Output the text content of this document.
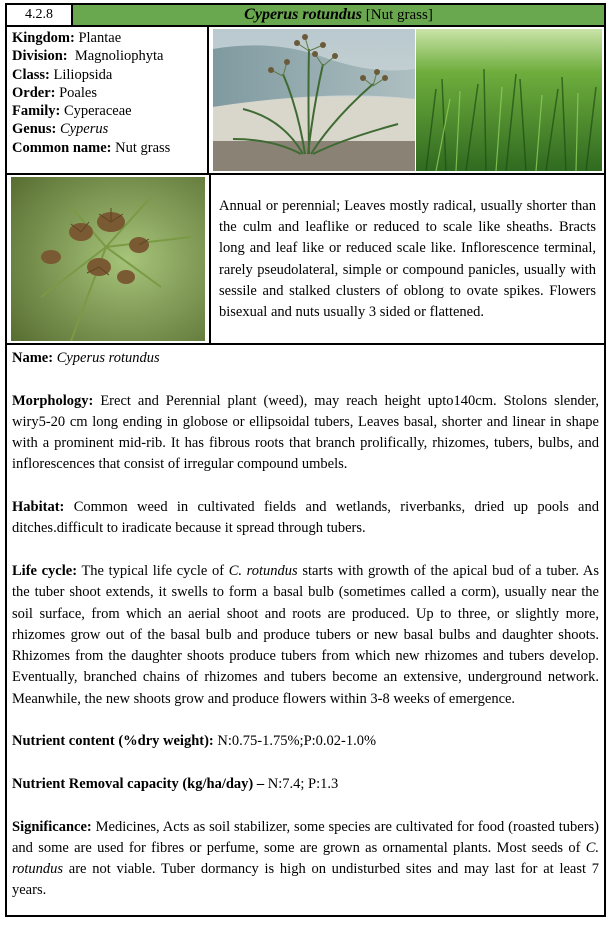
4.2.8	Cyperus rotundus [Nut grass]
Kingdom: Plantae
Division: Magnoliophyta
Class: Liliopsida
Order: Poales
Family: Cyperaceae
Genus: Cyperus
Common name: Nut grass
Annual or perennial; Leaves mostly radical, usually shorter than the culm and leaflike or reduced to scale like sheaths. Bracts long and leaf like or reduced scale like. Inflorescence terminal, rarely pseudolateral, simple or compound panicles, usually with sessile and stalked clusters of oblong to ovate spikes. Flowers bisexual and nuts usually 3 sided or flattened.

Name: Cyperus rotundus

Morphology: Erect and Perennial plant (weed), may reach height upto140cm. Stolons slender, wiry5-20 cm long ending in globose or ellipsoidal tubers, Leaves basal, shorter and linear in shape with a prominent mid-rib. It has fibrous roots that branch prolifically, rhizomes, tubers, bulbs, and inflorescences that consist of irregular compound umbels.

Habitat: Common weed in cultivated fields and wetlands, riverbanks, dried up pools and ditches.difficult to iradicate because it spread through tubers.

Life cycle: The typical life cycle of C. rotundus starts with growth of the apical bud of a tuber. As the tuber shoot extends, it swells to form a basal bulb (sometimes called a corm), usually near the soil surface, from which an aerial shoot and roots are produced. Up to three, or slightly more, rhizomes grow out of the basal bulb and produce tubers or new basal bulbs and daughter shoots. Rhizomes from the daughter shoots produce tubers from which new rhizomes and tubers develop. Eventually, branched chains of rhizomes and tubers become an extensive, underground network. Meanwhile, the new shoots grow and produce flowers within 3-8 weeks of emergence.

Nutrient content (%dry weight): N:0.75-1.75%;P:0.02-1.0%

Nutrient Removal capacity (kg/ha/day) – N:7.4; P:1.3

Significance: Medicines, Acts as soil stabilizer, some species are cultivated for food (roasted tubers) and some are used for fibres or perfume, some are grown as ornamental plants. Most seeds of C. rotundus are not viable. Tuber dormancy is high on undisturbed sites and may last for at least 7 years.
